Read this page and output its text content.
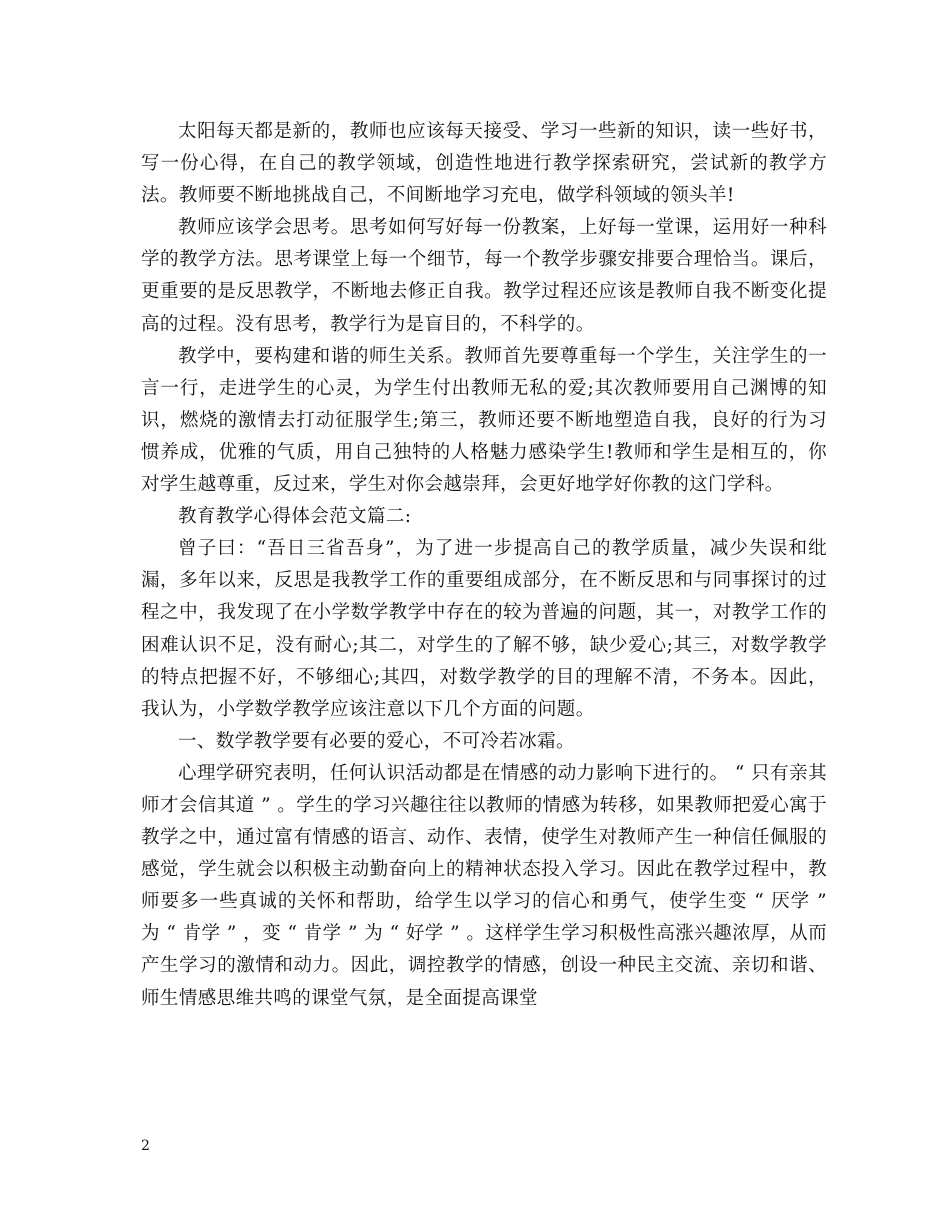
太阳每天都是新的，教师也应该每天接受、学习一些新的知识，读一些好书，写一份心得，在自己的教学领域，创造性地进行教学探索研究，尝试新的教学方法。教师要不断地挑战自己，不间断地学习充电，做学科领域的领头羊!

教师应该学会思考。思考如何写好每一份教案，上好每一堂课，运用好一种科学的教学方法。思考课堂上每一个细节，每一个教学步骤安排要合理恰当。课后，更重要的是反思教学，不断地去修正自我。教学过程还应该是教师自我不断变化提高的过程。没有思考，教学行为是盲目的，不科学的。

教学中，要构建和谐的师生关系。教师首先要尊重每一个学生，关注学生的一言一行，走进学生的心灵，为学生付出教师无私的爱;其次教师要用自己渊博的知识，燃烧的激情去打动征服学生;第三，教师还要不断地塑造自我，良好的行为习惯养成，优雅的气质，用自己独特的人格魅力感染学生!教师和学生是相互的，你对学生越尊重，反过来，学生对你会越崇拜，会更好地学好你教的这门学科。

教育教学心得体会范文篇二:

曾子曰：“吾日三省吾身”，为了进一步提高自己的教学质量，减少失误和纰漏，多年以来，反思是我教学工作的重要组成部分，在不断反思和与同事探讨的过程之中，我发现了在小学数学教学中存在的较为普遍的问题，其一，对教学工作的困难认识不足，没有耐心;其二，对学生的了解不够，缺少爱心;其三，对数学教学的特点把握不好，不够细心;其四，对数学教学的目的理解不清，不务本。因此，我认为，小学数学教学应该注意以下几个方面的问题。

一、数学教学要有必要的爱心，不可冷若冰霜。

心理学研究表明，任何认识活动都是在情感的动力影响下进行的。 “ 只有亲其师才会信其道 ” 。学生的学习兴趣往往以教师的情感为转移，如果教师把爱心寓于教学之中，通过富有情感的语言、动作、表情，使学生对教师产生一种信任佩服的感觉，学生就会以积极主动勤奋向上的精神状态投入学习。因此在教学过程中，教师要多一些真诚的关怀和帮助，给学生以学习的信心和勇气，使学生变 “ 厌学 ” 为 “ 肯学 ” ，变 “ 肯学 ” 为 “ 好学 ” 。这样学生学习积极性高涨兴趣浓厚，从而产生学习的激情和动力。因此，调控教学的情感，创设一种民主交流、亲切和谐、师生情感思维共鸣的课堂气氛，是全面提高课堂

2
